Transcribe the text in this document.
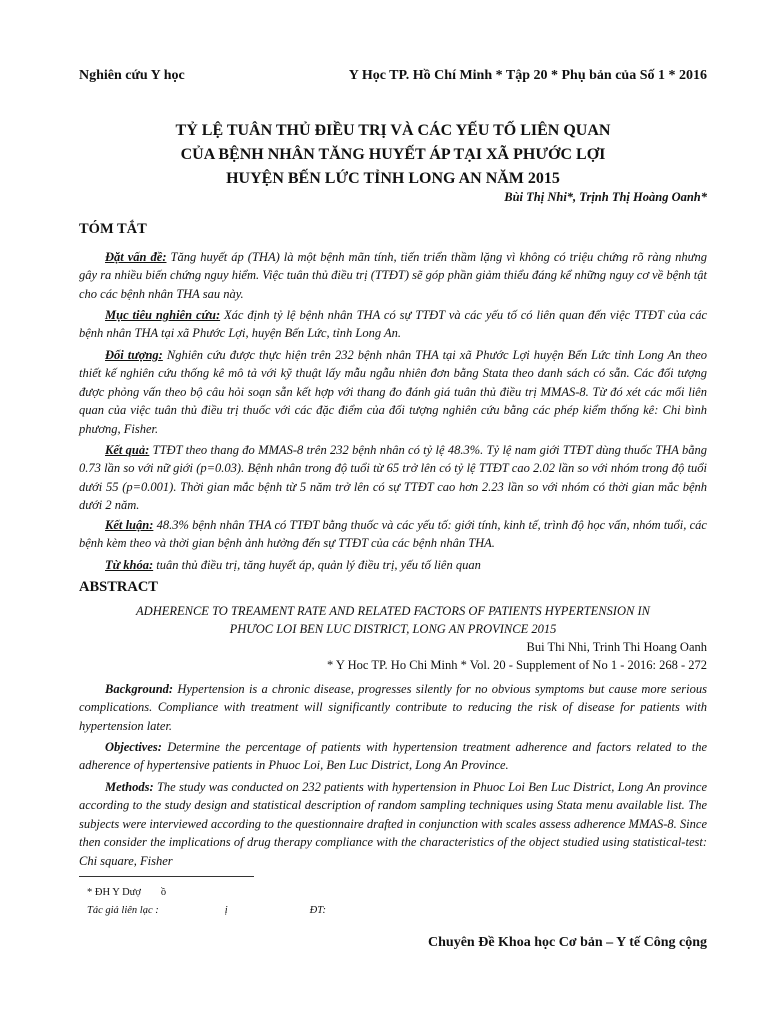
Nghiên cứu Y học	Y Học TP. Hồ Chí Minh * Tập 20 * Phụ bản của Số 1 * 2016
TỶ LỆ TUÂN THỦ ĐIỀU TRỊ VÀ CÁC YẾU TỐ LIÊN QUAN
CỦA BỆNH NHÂN TĂNG HUYẾT ÁP TẠI XÃ PHƯỚC LỢI
HUYỆN BẾN LỨC TỈNH LONG AN NĂM 2015
Bùi Thị Nhi*, Trịnh Thị Hoàng Oanh*
TÓM TẮT
Đặt vấn đề: Tăng huyết áp (THA) là một bệnh mãn tính, tiến triển thầm lặng vì không có triệu chứng rõ ràng nhưng gây ra nhiều biến chứng nguy hiểm. Việc tuân thủ điều trị (TTĐT) sẽ góp phần giảm thiểu đáng kể những nguy cơ về bệnh tật cho các bệnh nhân THA sau này.
Mục tiêu nghiên cứu: Xác định tỷ lệ bệnh nhân THA có sự TTĐT và các yếu tố có liên quan đến việc TTĐT của các bệnh nhân THA tại xã Phước Lợi, huyện Bến Lức, tỉnh Long An.
Đối tượng: Nghiên cứu được thực hiện trên 232 bệnh nhân THA tại xã Phước Lợi huyện Bến Lức tỉnh Long An theo thiết kế nghiên cứu thống kê mô tả với kỹ thuật lấy mẫu ngẫu nhiên đơn bằng Stata theo danh sách có sẵn. Các đối tượng được phỏng vấn theo bộ câu hỏi soạn sẵn kết hợp với thang đo đánh giá tuân thủ điều trị MMAS-8. Từ đó xét các mối liên quan của việc tuân thủ điều trị thuốc với các đặc điểm của đối tượng nghiên cứu bằng các phép kiểm thống kê: Chi bình phương, Fisher.
Kết quả: TTĐT theo thang đo MMAS-8 trên 232 bệnh nhân có tỷ lệ 48.3%. Tỷ lệ nam giới TTĐT dùng thuốc THA bằng 0.73 lần so với nữ giới (p=0.03). Bệnh nhân trong độ tuổi từ 65 trở lên có tỷ lệ TTĐT cao 2.02 lần so với nhóm trong độ tuổi dưới 55 (p=0.001). Thời gian mắc bệnh từ 5 năm trở lên có sự TTĐT cao hơn 2.23 lần so với nhóm có thời gian mắc bệnh dưới 2 năm.
Kết luận: 48.3% bệnh nhân THA có TTĐT bằng thuốc và các yếu tố: giới tính, kinh tế, trình độ học vấn, nhóm tuổi, các bệnh kèm theo và thời gian bệnh ảnh hưởng đến sự TTĐT của các bệnh nhân THA.
Từ khóa: tuân thủ điều trị, tăng huyết áp, quản lý điều trị, yếu tố liên quan
ABSTRACT
ADHERENCE TO TREAMENT RATE AND RELATED FACTORS OF PATIENTS HYPERTENSION IN
PHƯOC LOI BEN LUC DISTRICT, LONG AN PROVINCE 2015
Bui Thi Nhi, Trinh Thi Hoang Oanh
* Y Hoc TP. Ho Chi Minh * Vol. 20 - Supplement of No 1 - 2016: 268 - 272
Background: Hypertension is a chronic disease, progresses silently for no obvious symptoms but cause more serious complications. Compliance with treatment will significantly contribute to reducing the risk of disease for patients with hypertension later.
Objectives: Determine the percentage of patients with hypertension treatment adherence and factors related to the adherence of hypertensive patients in Phuoc Loi, Ben Luc District, Long An Province.
Methods: The study was conducted on 232 patients with hypertension in Phuoc Loi Ben Luc District, Long An province according to the study design and statistical description of random sampling techniques using Stata menu available list. The subjects were interviewed according to the questionnaire drafted in conjunction with scales assess adherence MMAS-8. Since then consider the implications of drug therapy compliance with the characteristics of the object studied using statistical-test: Chi square, Fisher
* ĐH Y Dượ ồ
Tác giả liên lạc :	ị	ĐT:
Chuyên Đề Khoa học Cơ bản – Y tế Công cộng
